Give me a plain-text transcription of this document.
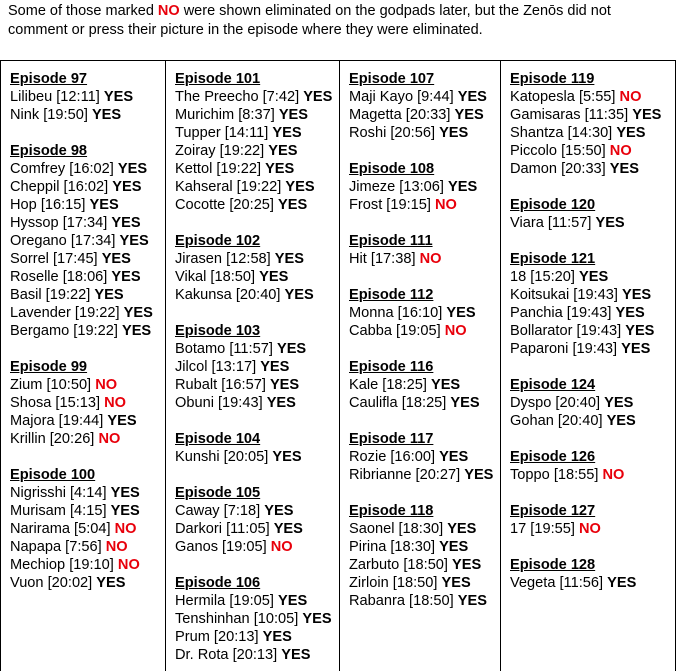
Some of those marked NO were shown eliminated on the godpads later, but the Zenōs did not comment or press their picture in the episode where they were eliminated.
Episode 97
Lilibeu [12:11] YES
Nink [19:50] YES
Episode 98
Comfrey [16:02] YES
Cheppil [16:02] YES
Hop [16:15] YES
Hyssop [17:34] YES
Oregano [17:34] YES
Sorrel [17:45] YES
Roselle [18:06] YES
Basil [19:22] YES
Lavender [19:22] YES
Bergamo [19:22] YES
Episode 99
Zium [10:50] NO
Shosa [15:13] NO
Majora [19:44] YES
Krillin [20:26] NO
Episode 100
Nigrisshi [4:14] YES
Murisam [4:15] YES
Narirama [5:04] NO
Napapa [7:56] NO
Mechiop [19:10] NO
Vuon [20:02] YES
Episode 101
The Preecho [7:42] YES
Murichim [8:37] YES
Tupper [14:11] YES
Zoiray [19:22] YES
Kettol [19:22] YES
Kahseral [19:22] YES
Cocotte [20:25] YES
Episode 102
Jirasen [12:58] YES
Vikal [18:50] YES
Kakunsa [20:40] YES
Episode 103
Botamo [11:57] YES
Jilcol [13:17] YES
Rubalt [16:57] YES
Obuni [19:43] YES
Episode 104
Kunshi [20:05] YES
Episode 105
Caway [7:18] YES
Darkori [11:05] YES
Ganos [19:05] NO
Episode 106
Hermila [19:05] YES
Tenshinhan [10:05] YES
Prum [20:13] YES
Dr. Rota [20:13] YES
Episode 107
Maji Kayo [9:44] YES
Magetta [20:33] YES
Roshi [20:56] YES
Episode 108
Jimeze [13:06] YES
Frost [19:15] NO
Episode 111
Hit [17:38] NO
Episode 112
Monna [16:10] YES
Cabba [19:05] NO
Episode 116
Kale [18:25] YES
Caulifla [18:25] YES
Episode 117
Rozie [16:00] YES
Ribrianne [20:27] YES
Episode 118
Saonel [18:30] YES
Pirina [18:30] YES
Zarbuto [18:50] YES
Zirloin [18:50] YES
Rabanra [18:50] YES
Episode 119
Katopesla [5:55] NO
Gamisaras [11:35] YES
Shantza [14:30] YES
Piccolo [15:50] NO
Damon [20:33] YES
Episode 120
Viara [11:57] YES
Episode 121
18 [15:20] YES
Koitsukai [19:43] YES
Panchia [19:43] YES
Bollarator [19:43] YES
Paparoni [19:43] YES
Episode 124
Dyspo [20:40] YES
Gohan [20:40] YES
Episode 126
Toppo [18:55] NO
Episode 127
17 [19:55] NO
Episode 128
Vegeta [11:56] YES
